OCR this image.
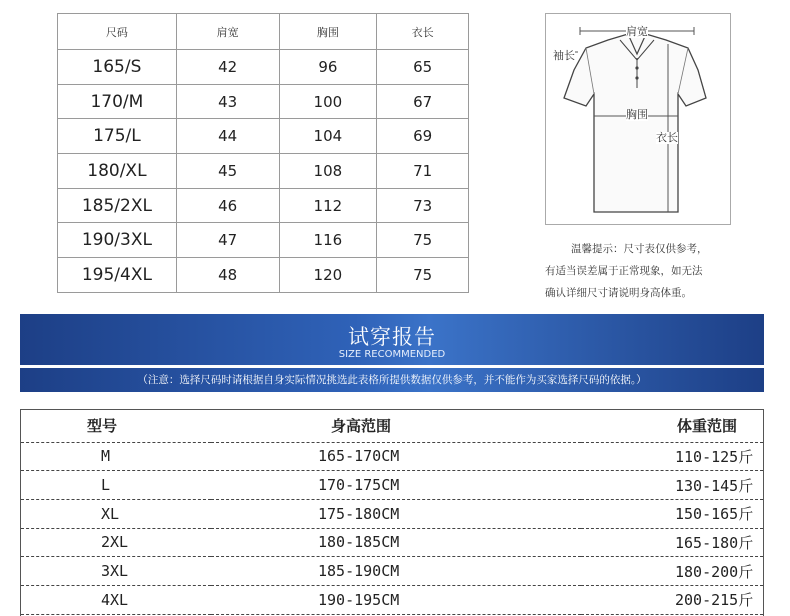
尺码	肩宽	胸围	衣长
165/S	42	96	65
170/M	43	100	67
175/L	44	104	69
180/XL	45	108	71
185/2XL	46	112	73
190/3XL	47	116	75
195/4XL	48	120	75
肩宽
袖长
胸围
衣长
温馨提示：尺寸表仅供参考，
有适当误差属于正常现象，如无法
确认详细尺寸请说明身高体重。
试穿报告
SIZE RECOMMENDED
（注意：选择尺码时请根据自身实际情况挑选此表格所提供数据仅供参考，并不能作为买家选择尺码的依据。）
型号	身高范围	体重范围
M	165-170CM	110-125斤
L	170-175CM	130-145斤
XL	175-180CM	150-165斤
2XL	180-185CM	165-180斤
3XL	185-190CM	180-200斤
4XL	190-195CM	200-215斤
